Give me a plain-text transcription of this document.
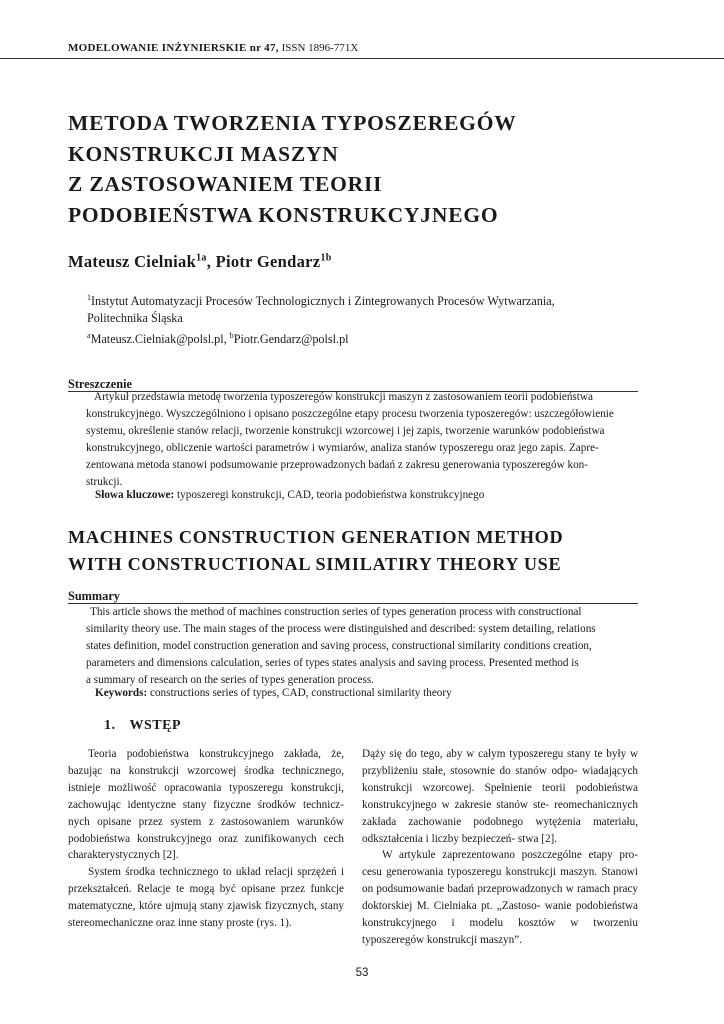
MODELOWANIE INŻYNIERSKIE nr 47, ISSN 1896-771X
METODA TWORZENIA TYPOSZEREGÓW
KONSTRUKCJI MASZYN
Z ZASTOSOWANIEM TEORII
PODOBIEŃSTWA KONSTRUKCYJNEGO
Mateusz Cielniak$^{1a}$, Piotr Gendarz$^{1b}$
$^1$Instytut Automatyzacji Procesów Technologicznych i Zintegrowanych Procesów Wytwarzania,
Politechnika Śląska
$^a$Mateusz.Cielniak@polsl.pl, $^b$Piotr.Gendarz@polsl.pl
Streszczenie
Artykuł przedstawia metodę tworzenia typoszeregów konstrukcji maszyn z zastosowaniem teorii podobieństwa
konstrukcyjnego. Wyszczególniono i opisano poszczególne etapy procesu tworzenia typoszeregów: uszczegółowienie
systemu, określenie stanów relacji, tworzenie konstrukcji wzorcowej i jej zapis, tworzenie warunków podobieństwa
konstrukcyjnego, obliczenie wartości parametrów i wymiarów, analiza stanów typoszeregu oraz jego zapis. Zapre-
zentowana metoda stanowi podsumowanie przeprowadzonych badań z zakresu generowania typoszeregów kon-
strukcji.
Słowa kluczowe: typoszeregi konstrukcji, CAD, teoria podobieństwa konstrukcyjnego
MACHINES CONSTRUCTION GENERATION METHOD
WITH CONSTRUCTIONAL SIMILATIRY THEORY USE
Summary
This article shows the method of machines construction series of types generation process with constructional
similarity theory use. The main stages of the process were distinguished and described: system detailing, relations
states definition, model construction generation and saving process, constructional similarity conditions creation,
parameters and dimensions calculation, series of types states analysis and saving process. Presented method is
a summary of research on the series of types generation process.
Keywords: constructions series of types, CAD, constructional similarity theory
1. WSTĘP

Teoria podobieństwa konstrukcyjnego zakłada, że, bazując na konstrukcji wzorcowej środka technicznego, istnieje możliwość opracowania typoszeregu konstrukcji, zachowując identyczne stany fizyczne środków technicz- nych opisane przez system z zastosowaniem warunków podobieństwa konstrukcyjnego oraz zunifikowanych cech charakterystycznych [2].

System środka technicznego to układ relacji sprzężeń i przekształceń. Relacje te mogą być opisane przez funkcje matematyczne, które ujmują stany zjawisk fizycznych, stany stereomechaniczne oraz inne stany proste (rys. 1).

Dąży się do tego, aby w całym typoszeregu stany te były w przybliżeniu stałe, stosownie do stanów odpo- wiadających konstrukcji wzorcowej. Spełnienie teorii podobieństwa konstrukcyjnego w zakresie stanów ste- reomechanicznych zakłada zachowanie podobnego wytężenia materiału, odkształcenia i liczby bezpieczeń- stwa [2].

W artykule zaprezentowano poszczególne etapy pro- cesu generowania typoszeregu konstrukcji maszyn. Stanowi on podsumowanie badań przeprowadzonych w ramach pracy doktorskiej M. Cielniaka pt. „Zastoso- wanie podobieństwa konstrukcyjnego i modelu kosztów w tworzeniu typoszeregów konstrukcji maszyn”.

53
